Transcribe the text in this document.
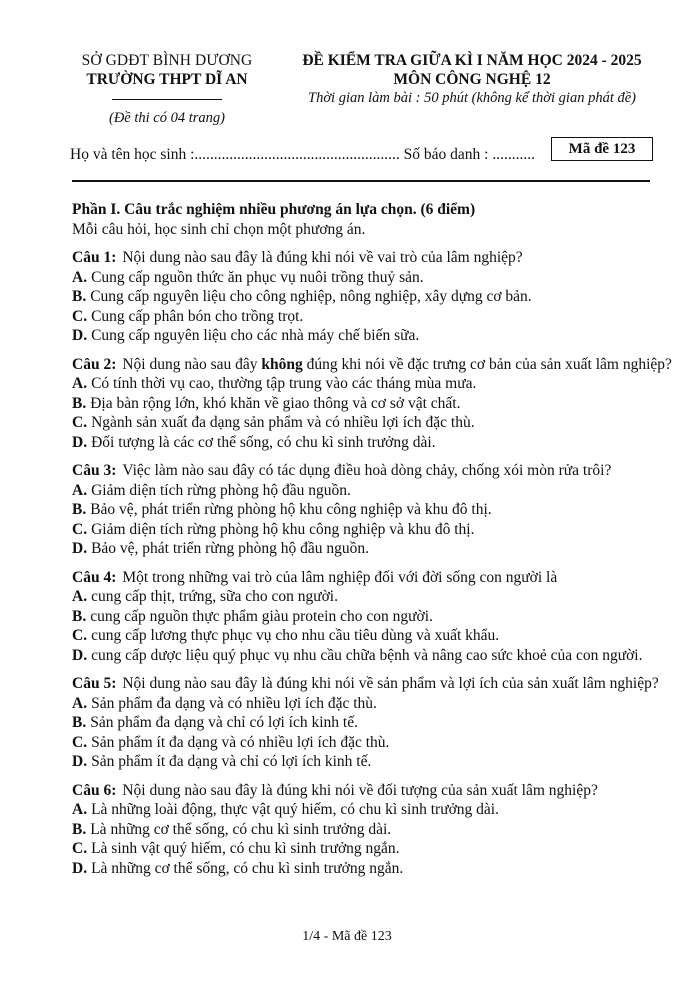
SỞ GDĐT BÌNH DƯƠNG
TRƯỜNG THPT DĨ AN
(Đề thi có 04 trang)
ĐỀ KIỂM TRA GIỮA KÌ I NĂM HỌC 2024 - 2025
MÔN CÔNG NGHỆ 12
Thời gian làm bài : 50 phút (không kể thời gian phát đề)
Họ và tên học sinh :..................................................... Số báo danh : ...........	Mã đề 123
Phần I. Câu trắc nghiệm nhiều phương án lựa chọn. (6 điểm)
Mỗi câu hỏi, học sinh chỉ chọn một phương án.
Câu 1: Nội dung nào sau đây là đúng khi nói về vai trò của lâm nghiệp?
A. Cung cấp nguồn thức ăn phục vụ nuôi trồng thuỷ sản.
B. Cung cấp nguyên liệu cho công nghiệp, nông nghiệp, xây dựng cơ bản.
C. Cung cấp phân bón cho trồng trọt.
D. Cung cấp nguyên liệu cho các nhà máy chế biến sữa.
Câu 2: Nội dung nào sau đây không đúng khi nói về đặc trưng cơ bản của sản xuất lâm nghiệp?
A. Có tính thời vụ cao, thường tập trung vào các tháng mùa mưa.
B. Địa bàn rộng lớn, khó khăn về giao thông và cơ sở vật chất.
C. Ngành sản xuất đa dạng sản phẩm và có nhiều lợi ích đặc thù.
D. Đối tượng là các cơ thể sống, có chu kì sinh trưởng dài.
Câu 3: Việc làm nào sau đây có tác dụng điều hoà dòng chảy, chống xói mòn rửa trôi?
A. Giảm diện tích rừng phòng hộ đầu nguồn.
B. Bảo vệ, phát triển rừng phòng hộ khu công nghiệp và khu đô thị.
C. Giảm diện tích rừng phòng hộ khu công nghiệp và khu đô thị.
D. Bảo vệ, phát triển rừng phòng hộ đầu nguồn.
Câu 4: Một trong những vai trò của lâm nghiệp đối với đời sống con người là
A. cung cấp thịt, trứng, sữa cho con người.
B. cung cấp nguồn thực phẩm giàu protein cho con người.
C. cung cấp lương thực phục vụ cho nhu cầu tiêu dùng và xuất khẩu.
D. cung cấp dược liệu quý phục vụ nhu cầu chữa bệnh và nâng cao sức khoẻ của con người.
Câu 5: Nội dung nào sau đây là đúng khi nói về sản phẩm và lợi ích của sản xuất lâm nghiệp?
A. Sản phẩm đa dạng và có nhiều lợi ích đặc thù.
B. Sản phẩm đa dạng và chỉ có lợi ích kinh tế.
C. Sản phẩm ít đa dạng và có nhiều lợi ích đặc thù.
D. Sản phẩm ít đa dạng và chỉ có lợi ích kinh tế.
Câu 6: Nội dung nào sau đây là đúng khi nói về đối tượng của sản xuất lâm nghiệp?
A. Là những loài động, thực vật quý hiếm, có chu kì sinh trưởng dài.
B. Là những cơ thể sống, có chu kì sinh trưởng dài.
C. Là sinh vật quý hiếm, có chu kì sinh trưởng ngắn.
D. Là những cơ thể sống, có chu kì sinh trưởng ngắn.
1/4 - Mã đề 123
